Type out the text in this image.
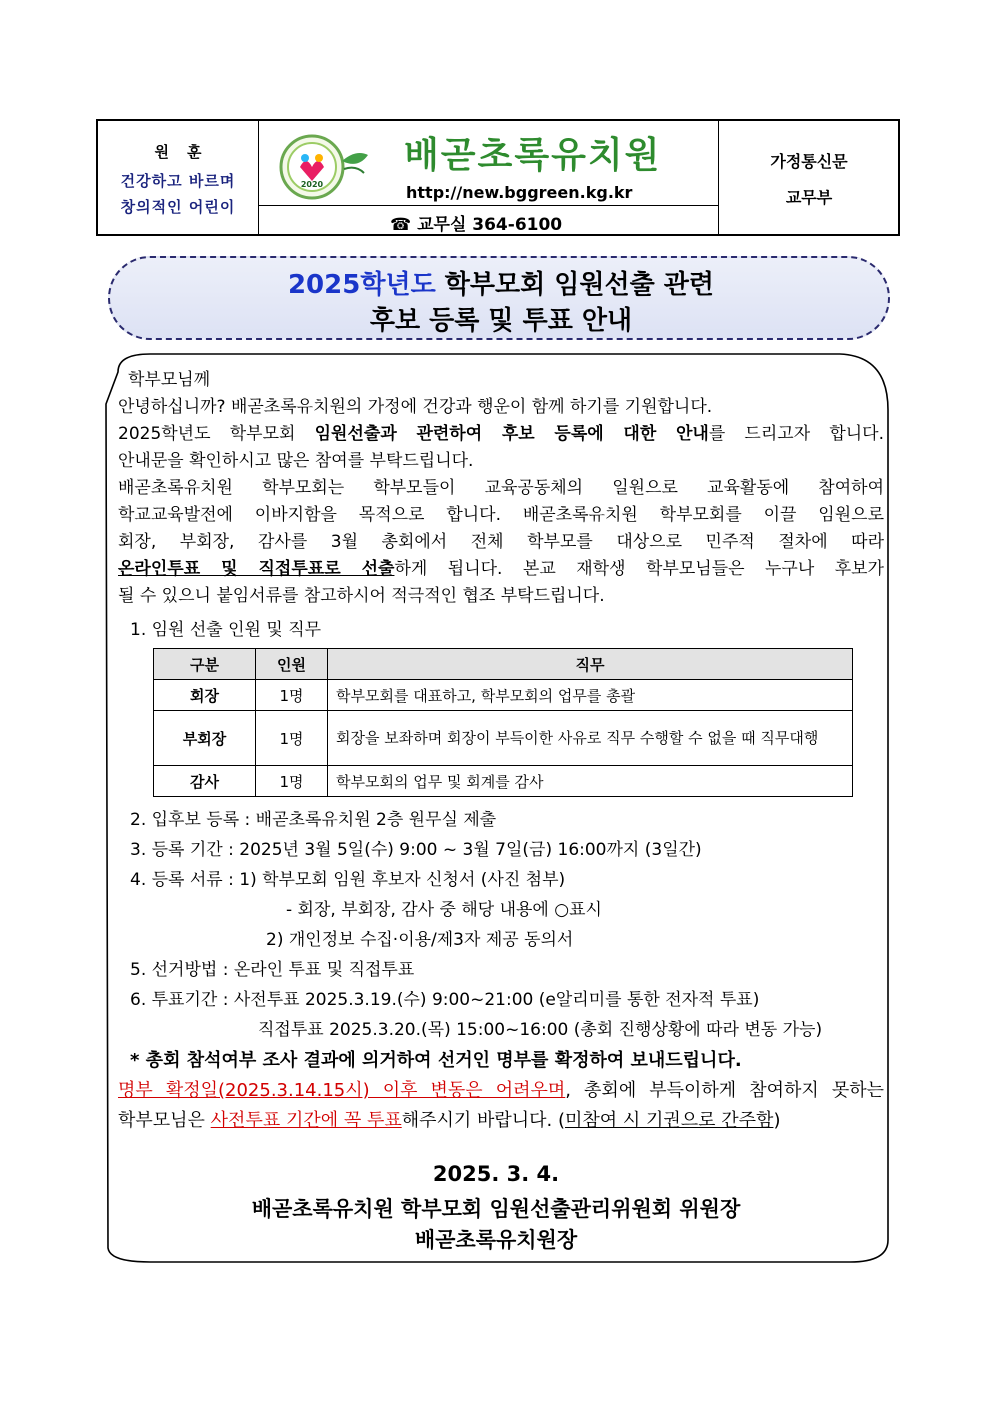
원훈
건강하고 바르며
창의적인 어린이
2020
배곧초록유치원
http://new.bggreen.kg.kr
☎ 교무실 364-6100
가정통신문
교무부
2025학년도 학부모회 임원선출 관련
후보 등록 및 투표 안내
학부모님께
안녕하십니까? 배곧초록유치원의 가정에 건강과 행운이 함께 하기를 기원합니다.
2025학년도 학부모회 임원선출과 관련하여 후보 등록에 대한 안내를 드리고자 합니다.
안내문을 확인하시고 많은 참여를 부탁드립니다.
배곧초록유치원 학부모회는 학부모들이 교육공동체의 일원으로 교육활동에 참여하여
학교교육발전에 이바지함을 목적으로 합니다. 배곧초록유치원 학부모회를 이끌 임원으로
회장, 부회장, 감사를 3월 총회에서 전체 학부모를 대상으로 민주적 절차에 따라
온라인투표 및 직접투표로 선출하게 됩니다. 본교 재학생 학부모님들은 누구나 후보가
될 수 있으니 붙임서류를 참고하시어 적극적인 협조 부탁드립니다.
1. 임원 선출 인원 및 직무
구분	인원	직무
회장	1명	학부모회를 대표하고, 학부모회의 업무를 총괄
부회장	1명	회장을 보좌하며 회장이 부득이한 사유로 직무 수행할 수 없을 때 직무대행
감사	1명	학부모회의 업무 및 회계를 감사
2. 입후보 등록 : 배곧초록유치원 2층 원무실 제출
3. 등록 기간 : 2025년 3월 5일(수) 9:00 ~ 3월 7일(금) 16:00까지 (3일간)
4. 등록 서류 : 1) 학부모회 임원 후보자 신청서 (사진 첨부)
- 회장, 부회장, 감사 중 해당 내용에 ○표시
2) 개인정보 수집·이용/제3자 제공 동의서
5. 선거방법 : 온라인 투표 및 직접투표
6. 투표기간 : 사전투표 2025.3.19.(수) 9:00~21:00 (e알리미를 통한 전자적 투표)
직접투표 2025.3.20.(목) 15:00~16:00 (총회 진행상황에 따라 변동 가능)
* 총회 참석여부 조사 결과에 의거하여 선거인 명부를 확정하여 보내드립니다.
명부 확정일(2025.3.14.15시) 이후 변동은 어려우며, 총회에 부득이하게 참여하지 못하는
학부모님은 사전투표 기간에 꼭 투표해주시기 바랍니다. (미참여 시 기권으로 간주함)
2025. 3. 4.
배곧초록유치원 학부모회 임원선출관리위원회 위원장
배곧초록유치원장
